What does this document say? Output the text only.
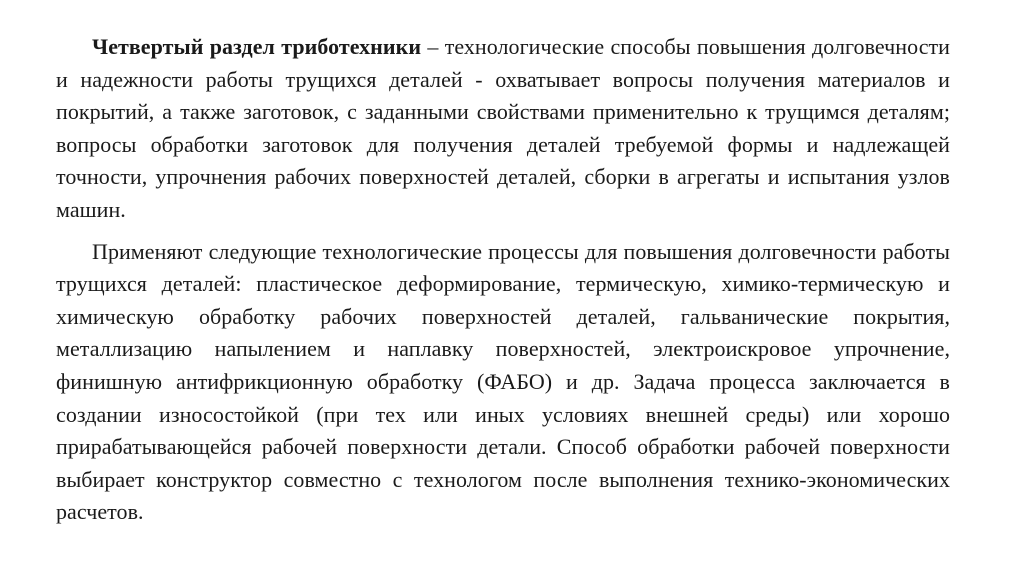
Четвертый раздел триботехники – технологические способы повышения долговечности и надежности работы трущихся деталей - охватывает вопросы получения материалов и покрытий, а также заготовок, с заданными свойствами применительно к трущимся деталям; вопросы обработки заготовок для получения деталей требуемой формы и надлежащей точности, упрочнения рабочих поверхностей деталей, сборки в агрегаты и испытания узлов машин.

Применяют следующие технологические процессы для повышения долговечности работы трущихся деталей: пластическое деформирование, термическую, химико-термическую и химическую обработку рабочих поверхностей деталей, гальванические покрытия, металлизацию напылением и наплавку поверхностей, электроискровое упрочнение, финишную антифрикционную обработку (ФАБО) и др. Задача процесса заключается в создании износостойкой (при тех или иных условиях внешней среды) или хорошо прирабатывающейся рабочей поверхности детали. Способ обработки рабочей поверхности выбирает конструктор совместно с технологом после выполнения технико-экономических расчетов.
